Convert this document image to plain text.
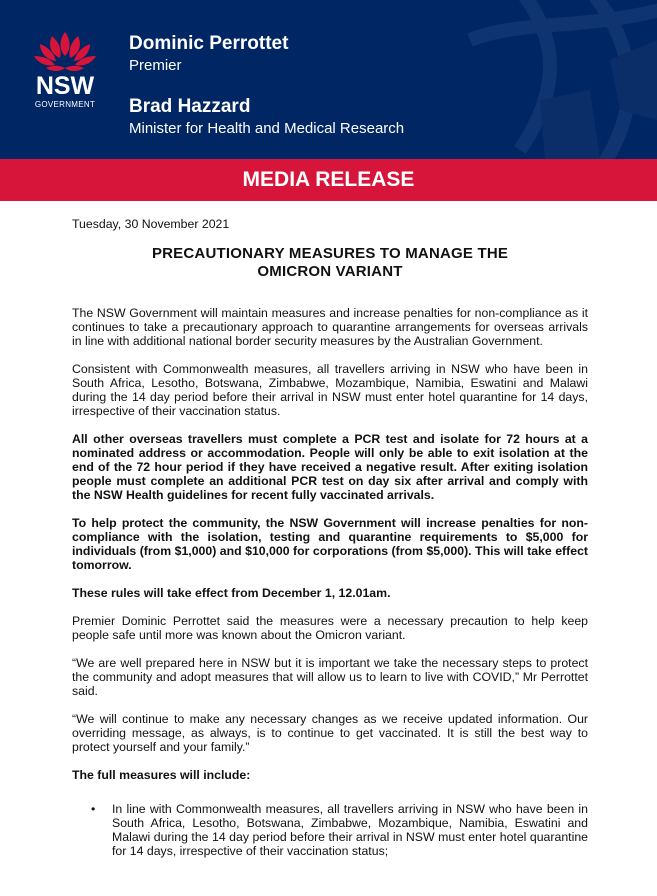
NSW
GOVERNMENT
Dominic Perrottet
Premier
Brad Hazzard
Minister for Health and Medical Research
MEDIA RELEASE
Tuesday, 30 November 2021
PRECAUTIONARY MEASURES TO MANAGE THE
OMICRON VARIANT
The NSW Government will maintain measures and increase penalties for non-compliance as it continues to take a precautionary approach to quarantine arrangements for overseas arrivals in line with additional national border security measures by the Australian Government.
Consistent with Commonwealth measures, all travellers arriving in NSW who have been in South Africa, Lesotho, Botswana, Zimbabwe, Mozambique, Namibia, Eswatini and Malawi during the 14 day period before their arrival in NSW must enter hotel quarantine for 14 days, irrespective of their vaccination status.
All other overseas travellers must complete a PCR test and isolate for 72 hours at a nominated address or accommodation. People will only be able to exit isolation at the end of the 72 hour period if they have received a negative result. After exiting isolation people must complete an additional PCR test on day six after arrival and comply with the NSW Health guidelines for recent fully vaccinated arrivals.
To help protect the community, the NSW Government will increase penalties for non-compliance with the isolation, testing and quarantine requirements to $5,000 for individuals (from $1,000) and $10,000 for corporations (from $5,000). This will take effect tomorrow.
These rules will take effect from December 1, 12.01am.
Premier Dominic Perrottet said the measures were a necessary precaution to help keep people safe until more was known about the Omicron variant.
“We are well prepared here in NSW but it is important we take the necessary steps to protect the community and adopt measures that will allow us to learn to live with COVID,” Mr Perrottet said.
“We will continue to make any necessary changes as we receive updated information. Our overriding message, as always, is to continue to get vaccinated. It is still the best way to protect yourself and your family.”
The full measures will include:
• In line with Commonwealth measures, all travellers arriving in NSW who have been in South Africa, Lesotho, Botswana, Zimbabwe, Mozambique, Namibia, Eswatini and Malawi during the 14 day period before their arrival in NSW must enter hotel quarantine for 14 days, irrespective of their vaccination status;
